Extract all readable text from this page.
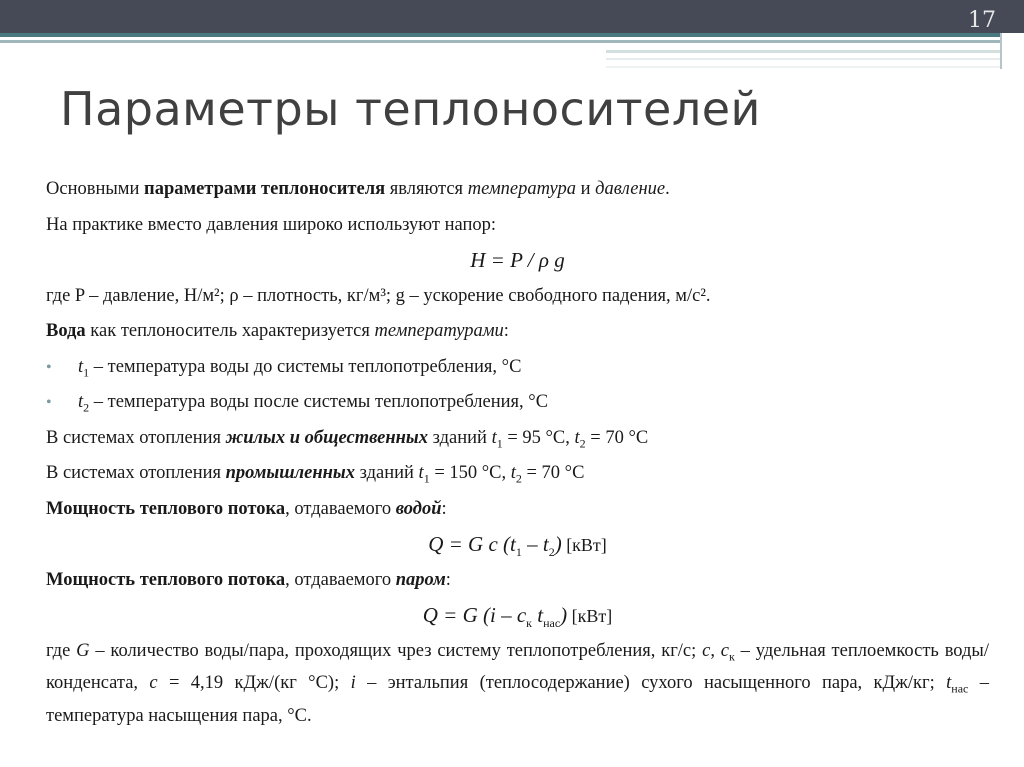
17
Параметры теплоносителей
Основными параметрами теплоносителя являются температура и давление.
На практике вместо давления широко используют напор:
H = P / ρ g
где P – давление, Н/м²; ρ – плотность, кг/м³; g – ускорение свободного падения, м/с².
Вода как теплоноситель характеризуется температурами:
• $t_1$ – температура воды до системы теплопотребления, °С
• $t_2$ – температура воды после системы теплопотребления, °С
В системах отопления жилых и общественных зданий $t_1 = 95$ °С, $t_2 = 70$ °С
В системах отопления промышленных зданий $t_1 = 150$ °С, $t_2 = 70$ °С
Мощность теплового потока, отдаваемого водой:
Q = G c $(t_1 - t_2)$ [кВт]
Мощность теплового потока, отдаваемого паром:
Q = G ($i - c_к$ $t_{нас}$) [кВт]
где G – количество воды/пара, проходящих чрез систему теплопотребления, кг/с; с, $с_к$ – удельная теплоемкость воды/конденсата, с = 4,19 кДж/(кг °С); i – энтальпия (теплосодержание) сухого насыщенного пара, кДж/кг; $t_{нас}$ – температура насыщения пара, °С.
